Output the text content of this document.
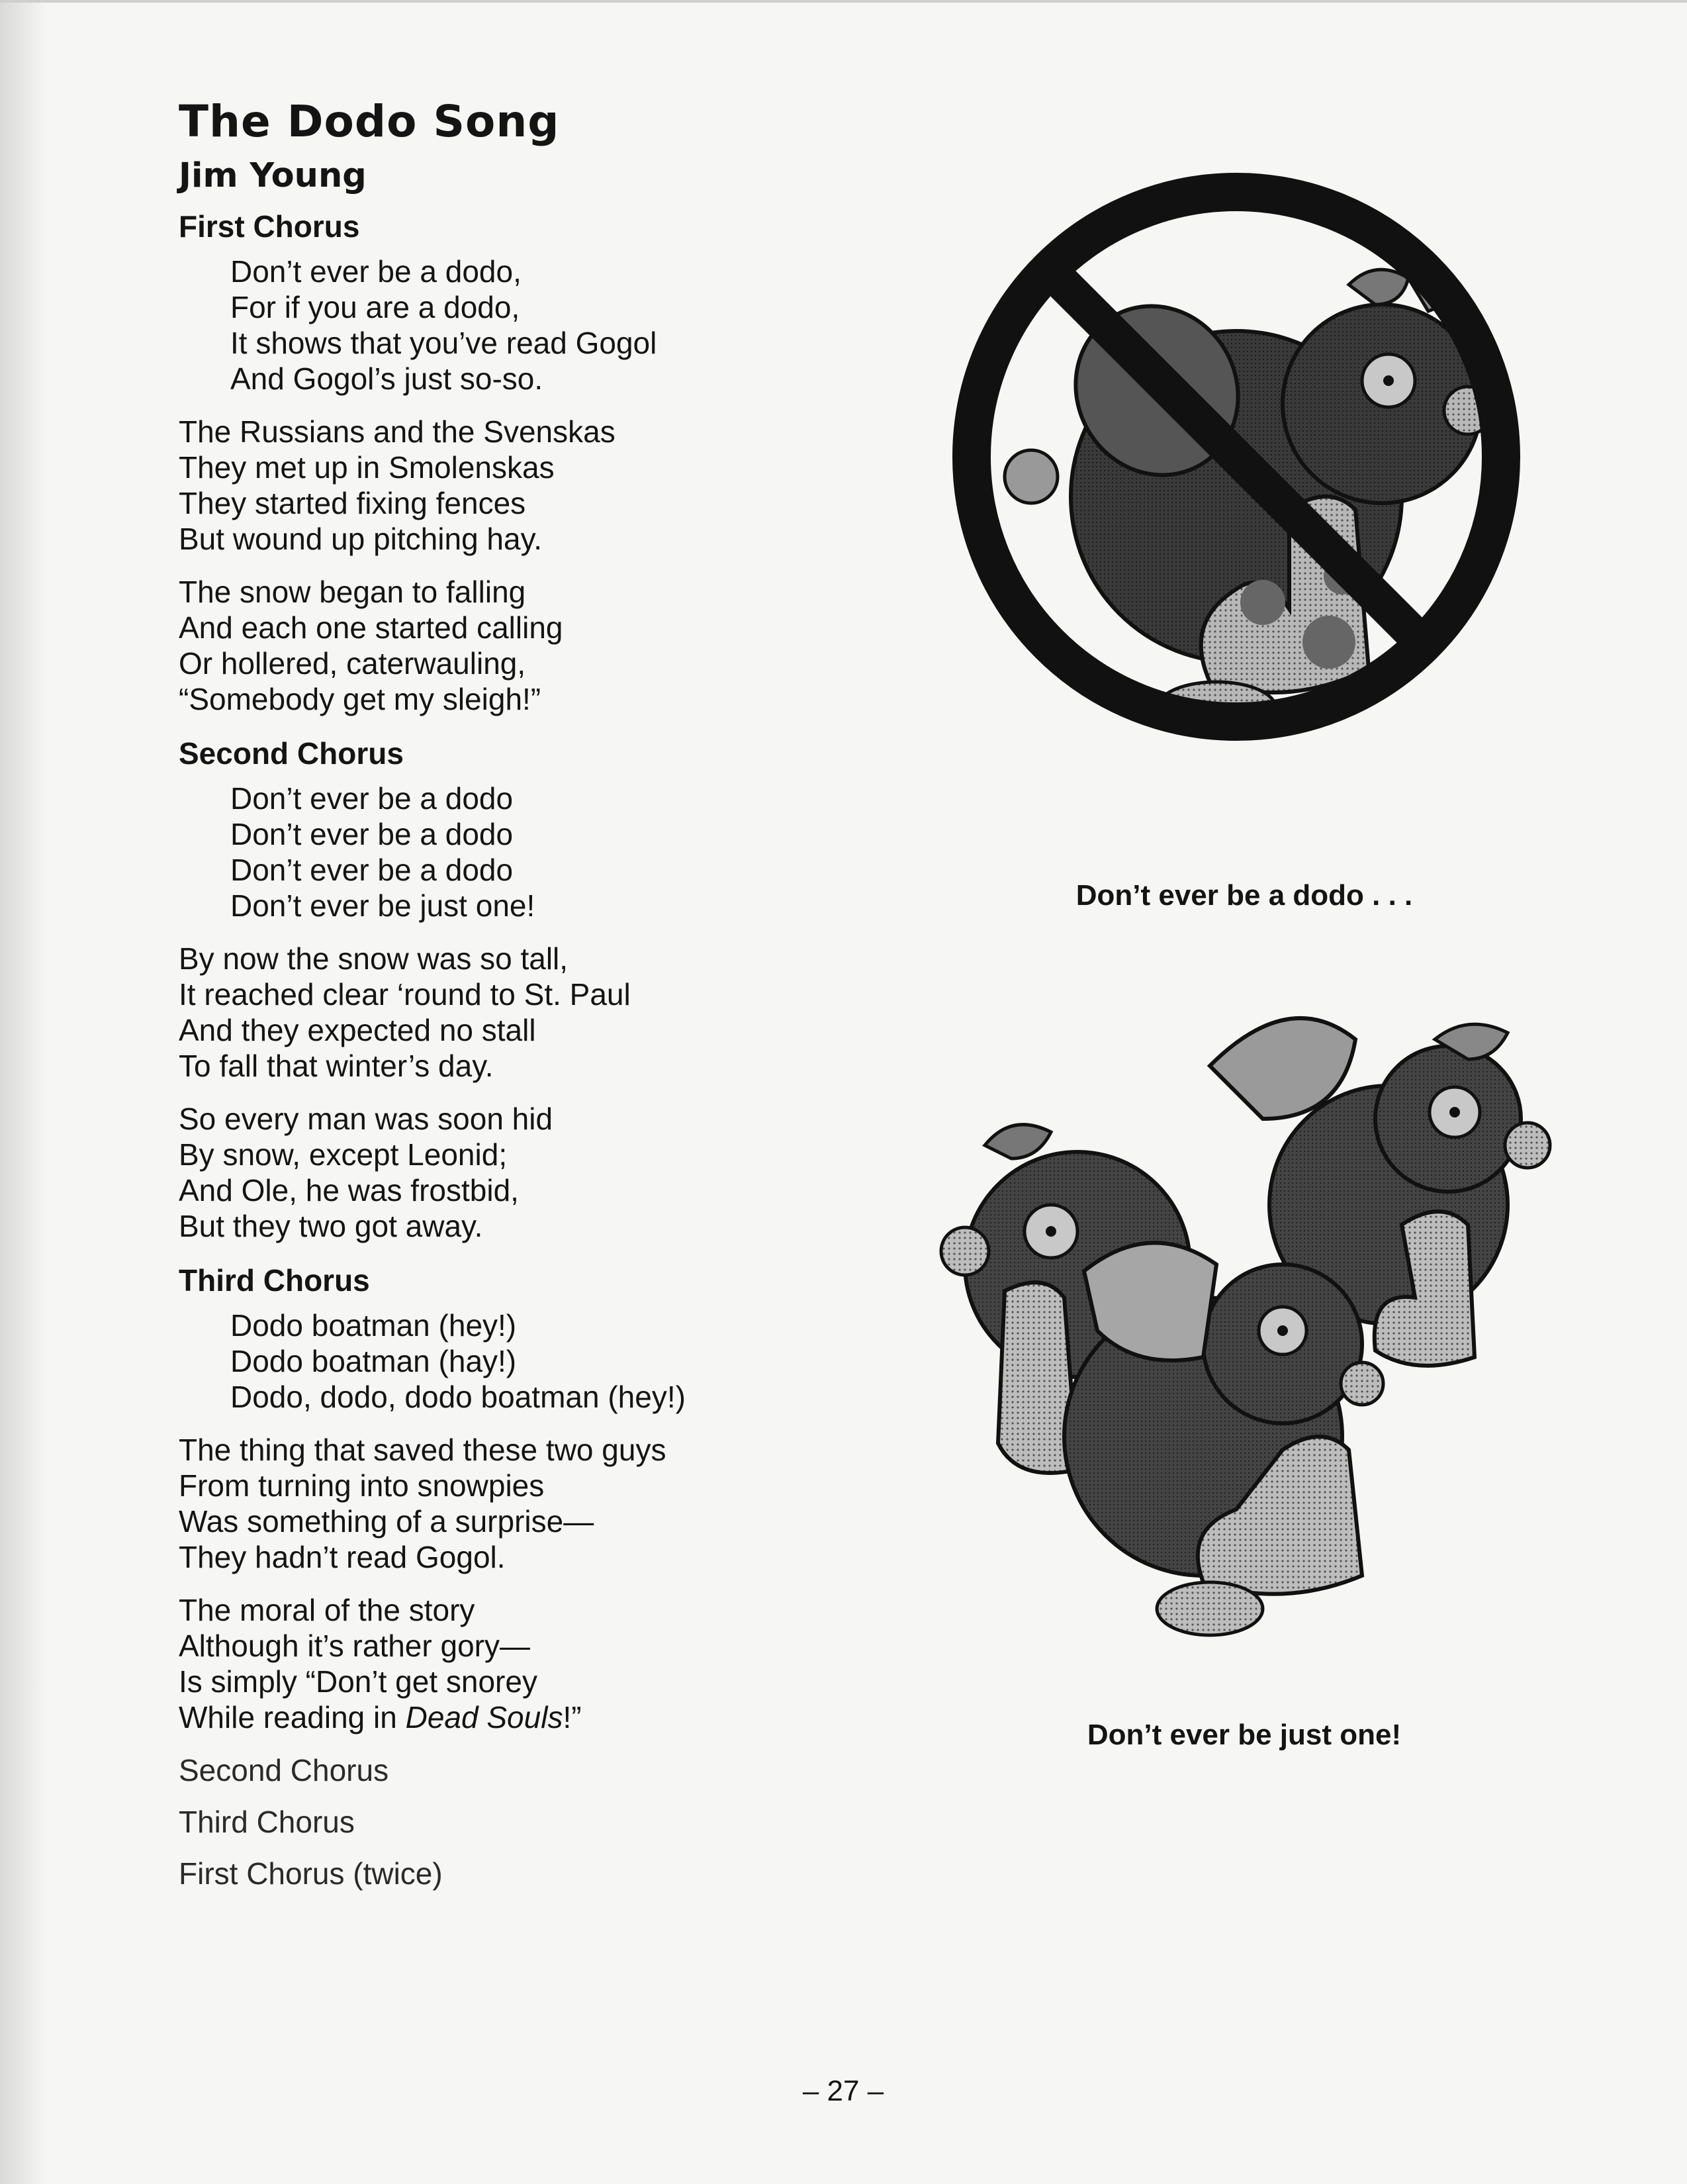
The Dodo Song
Jim Young
First Chorus
Don’t ever be a dodo,
For if you are a dodo,
It shows that you’ve read Gogol
And Gogol’s just so-so.
The Russians and the Svenskas
They met up in Smolenskas
They started fixing fences
But wound up pitching hay.
The snow began to falling
And each one started calling
Or hollered, caterwauling,
“Somebody get my sleigh!”
Second Chorus
Don’t ever be a dodo
Don’t ever be a dodo
Don’t ever be a dodo
Don’t ever be just one!
By now the snow was so tall,
It reached clear ‘round to St. Paul
And they expected no stall
To fall that winter’s day.
So every man was soon hid
By snow, except Leonid;
And Ole, he was frostbid,
But they two got away.
Third Chorus
Dodo boatman (hey!)
Dodo boatman (hay!)
Dodo, dodo, dodo boatman (hey!)
The thing that saved these two guys
From turning into snowpies
Was something of a surprise—
They hadn’t read Gogol.
The moral of the story
Although it’s rather gory—
Is simply “Don’t get snorey
While reading in Dead Souls!”
Second Chorus
Third Chorus
First Chorus (twice)
Don’t ever be a dodo . . .
Don’t ever be just one!
– 27 –
